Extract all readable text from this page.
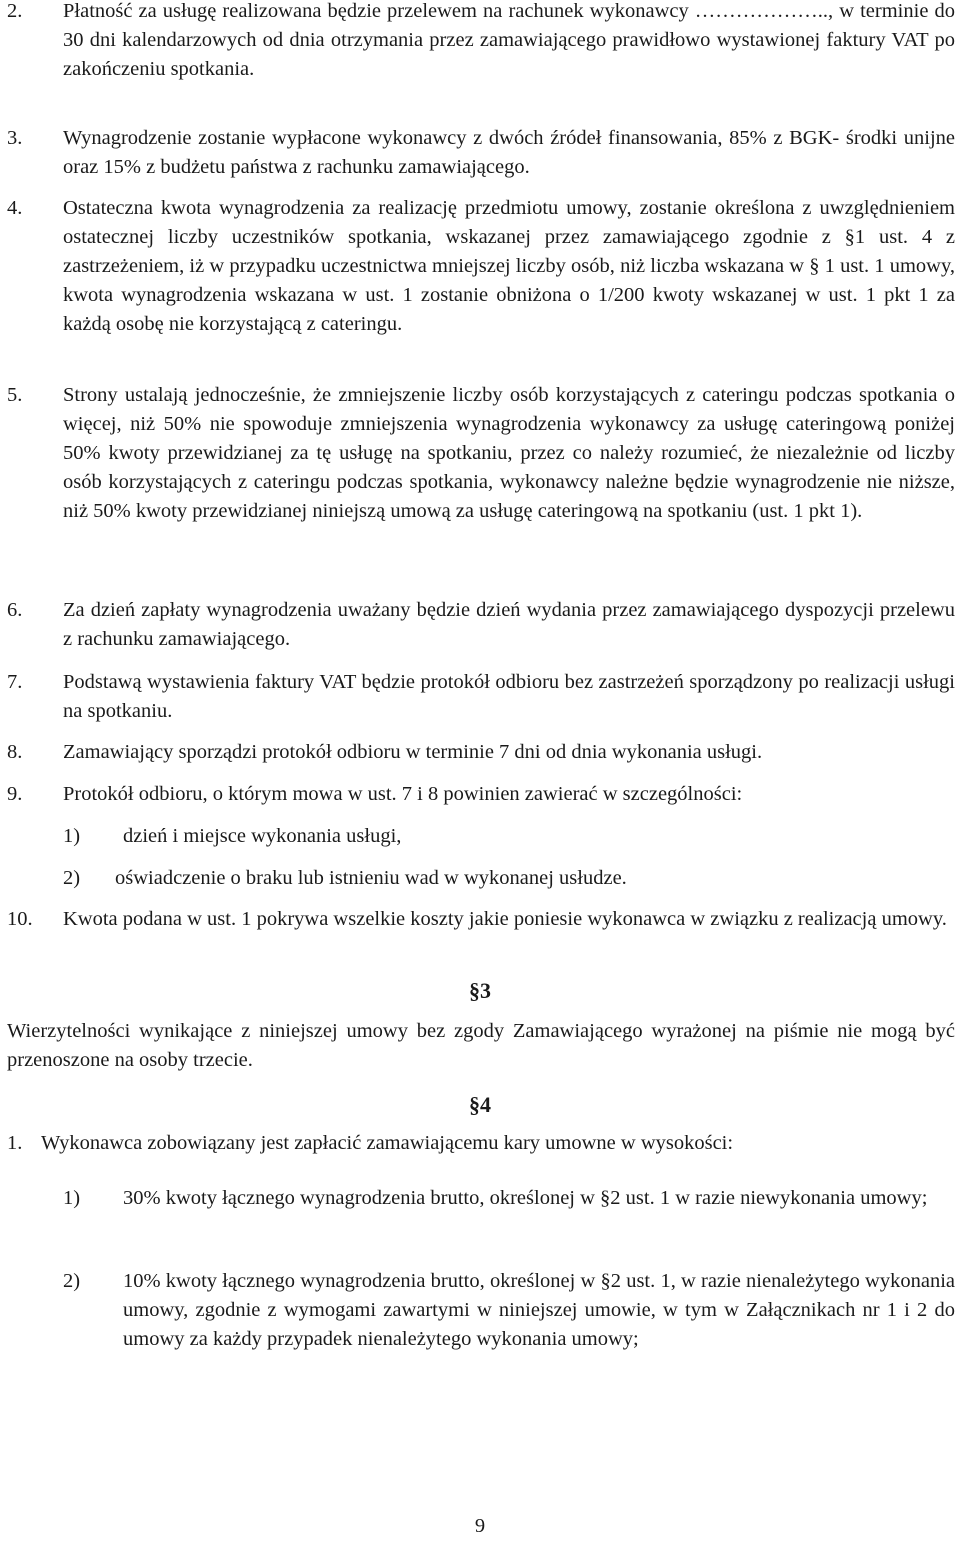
2. Płatność za usługę realizowana będzie przelewem na rachunek wykonawcy ……………….., w terminie do 30 dni kalendarzowych od dnia otrzymania przez zamawiającego prawidłowo wystawionej faktury VAT po zakończeniu spotkania.
3. Wynagrodzenie zostanie wypłacone wykonawcy z dwóch źródeł finansowania, 85% z BGK- środki unijne oraz 15% z budżetu państwa z rachunku zamawiającego.
4. Ostateczna kwota wynagrodzenia za realizację przedmiotu umowy, zostanie określona z uwzględnieniem ostatecznej liczby uczestników spotkania, wskazanej przez zamawiającego zgodnie z §1 ust. 4 z zastrzeżeniem, iż w przypadku uczestnictwa mniejszej liczby osób, niż liczba wskazana w § 1 ust. 1 umowy, kwota wynagrodzenia wskazana w ust. 1 zostanie obniżona o 1/200 kwoty wskazanej w ust. 1 pkt 1 za każdą osobę nie korzystającą z cateringu.
5. Strony ustalają jednocześnie, że zmniejszenie liczby osób korzystających z cateringu podczas spotkania o więcej, niż 50% nie spowoduje zmniejszenia wynagrodzenia wykonawcy za usługę cateringową poniżej 50% kwoty przewidzianej za tę usługę na spotkaniu, przez co należy rozumieć, że niezależnie od liczby osób korzystających z cateringu podczas spotkania, wykonawcy należne będzie wynagrodzenie nie niższe, niż 50% kwoty przewidzianej niniejszą umową za usługę cateringową na spotkaniu (ust. 1 pkt 1).
6. Za dzień zapłaty wynagrodzenia uważany będzie dzień wydania przez zamawiającego dyspozycji przelewu z rachunku zamawiającego.
7. Podstawą wystawienia faktury VAT będzie protokół odbioru bez zastrzeżeń sporządzony po realizacji usługi na spotkaniu.
8. Zamawiający sporządzi protokół odbioru w terminie 7 dni od dnia wykonania usługi.
9. Protokół odbioru, o którym mowa w ust. 7 i 8 powinien zawierać w szczególności:
1) dzień i miejsce wykonania usługi,
2) oświadczenie o braku lub istnieniu wad w wykonanej usłudze.
10. Kwota podana w ust. 1 pokrywa wszelkie koszty jakie poniesie wykonawca w związku z realizacją umowy.
§3
Wierzytelności wynikające z niniejszej umowy bez zgody Zamawiającego wyrażonej na piśmie nie mogą być przenoszone na osoby trzecie.
§4
1. Wykonawca zobowiązany jest zapłacić zamawiającemu kary umowne w wysokości:
1) 30% kwoty łącznego wynagrodzenia brutto, określonej w §2 ust. 1 w razie niewykonania umowy;
2) 10% kwoty łącznego wynagrodzenia brutto, określonej w §2 ust. 1, w razie nienależytego wykonania umowy, zgodnie z wymogami zawartymi w niniejszej umowie, w tym w Załącznikach nr 1 i 2 do umowy za każdy przypadek nienależytego wykonania umowy;
9
